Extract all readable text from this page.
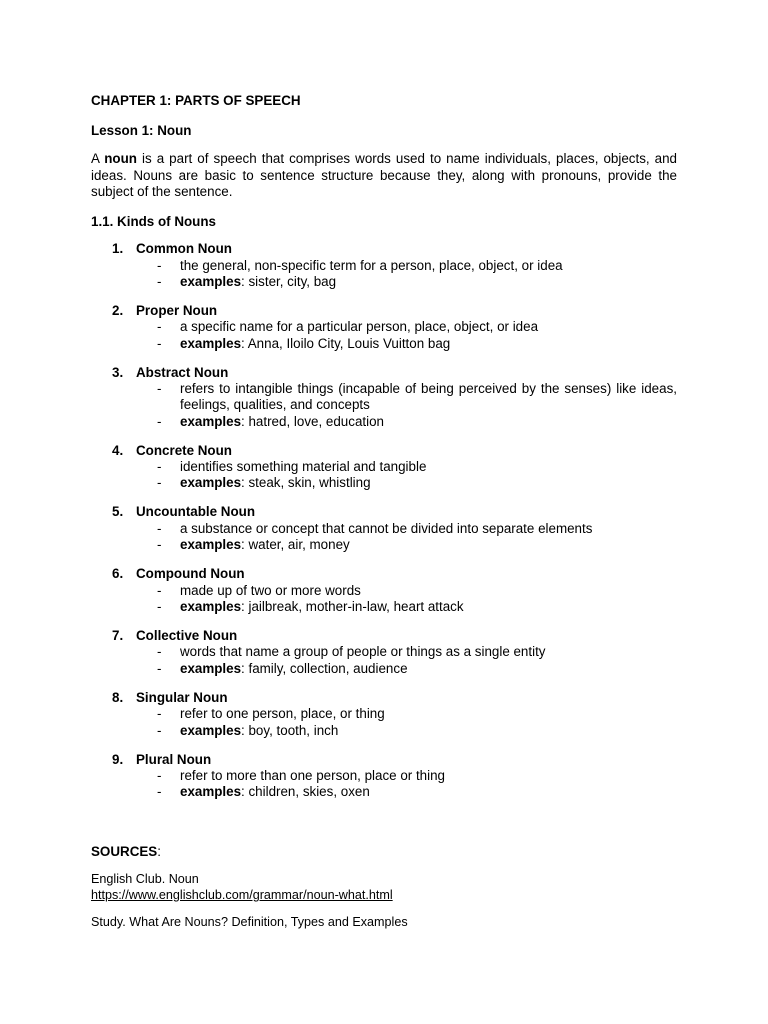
CHAPTER 1: PARTS OF SPEECH
Lesson 1: Noun
A noun is a part of speech that comprises words used to name individuals, places, objects, and ideas. Nouns are basic to sentence structure because they, along with pronouns, provide the subject of the sentence.
1.1. Kinds of Nouns
1. Common Noun
- the general, non-specific term for a person, place, object, or idea
- examples: sister, city, bag
2. Proper Noun
- a specific name for a particular person, place, object, or idea
- examples: Anna, Iloilo City, Louis Vuitton bag
3. Abstract Noun
- refers to intangible things (incapable of being perceived by the senses) like ideas, feelings, qualities, and concepts
- examples: hatred, love, education
4. Concrete Noun
- identifies something material and tangible
- examples: steak, skin, whistling
5. Uncountable Noun
- a substance or concept that cannot be divided into separate elements
- examples: water, air, money
6. Compound Noun
- made up of two or more words
- examples: jailbreak, mother-in-law, heart attack
7. Collective Noun
- words that name a group of people or things as a single entity
- examples: family, collection, audience
8. Singular Noun
- refer to one person, place, or thing
- examples: boy, tooth, inch
9. Plural Noun
- refer to more than one person, place or thing
- examples: children, skies, oxen
SOURCES:
English Club. Noun
https://www.englishclub.com/grammar/noun-what.html
Study. What Are Nouns? Definition, Types and Examples
